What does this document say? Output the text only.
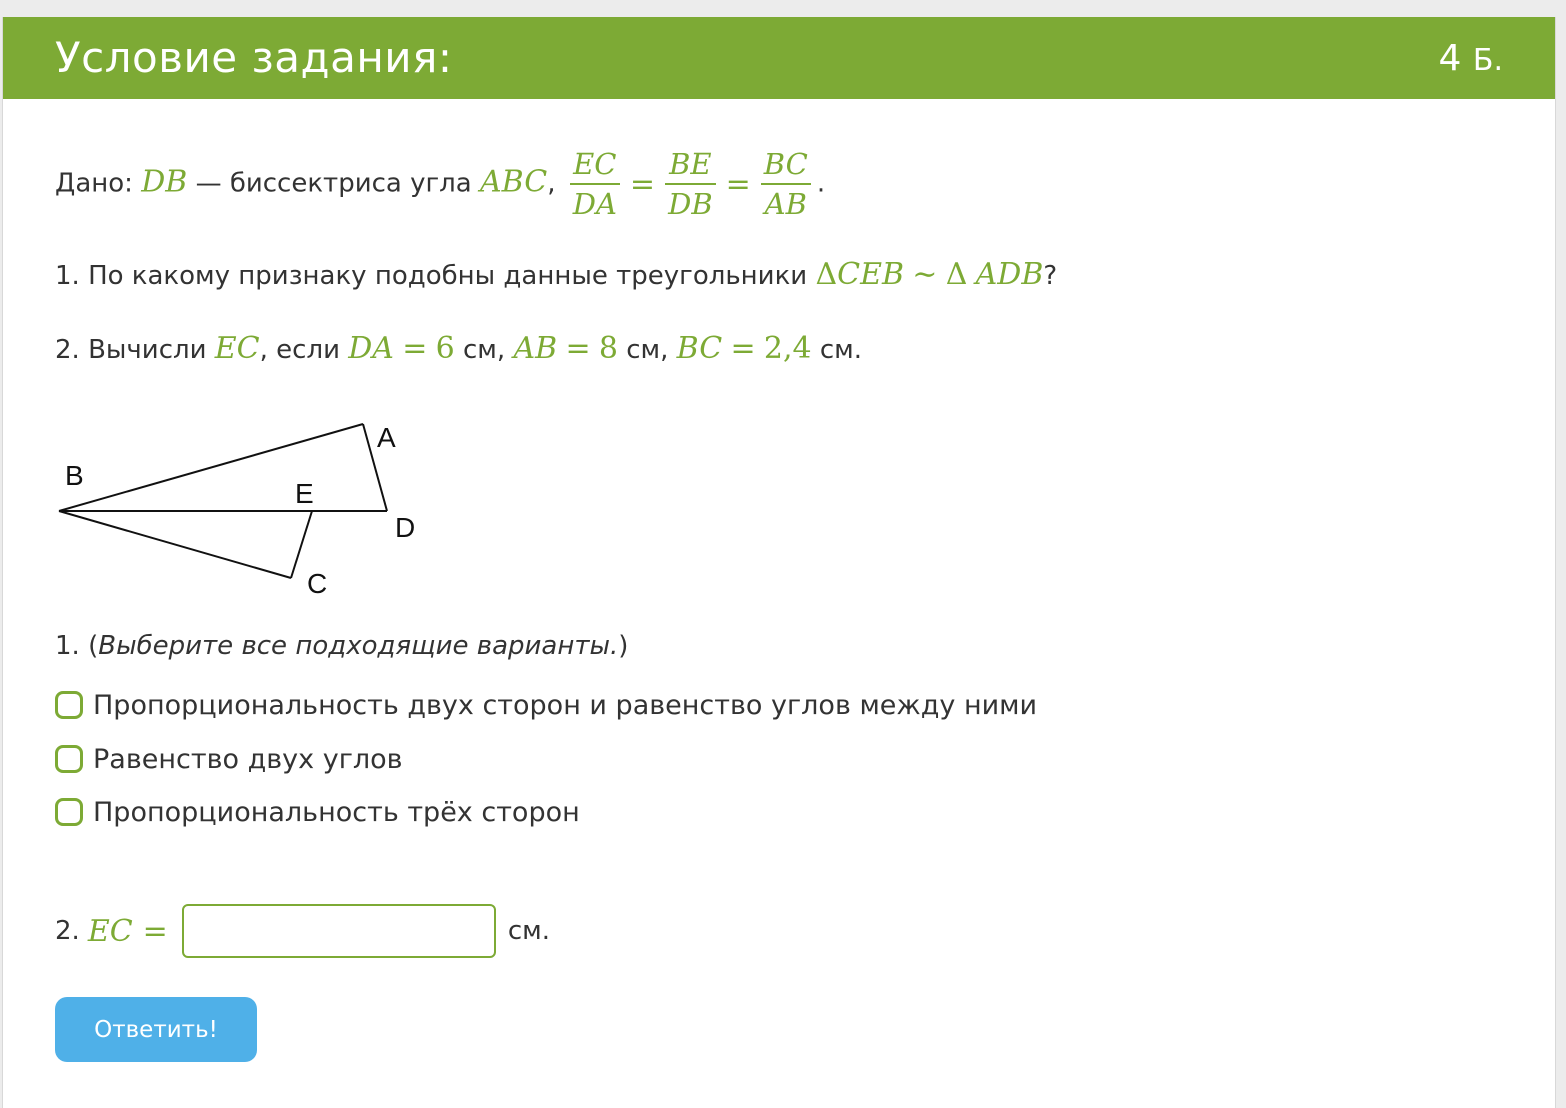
Условие задания:	4 Б.
Дано: DB — биссектриса угла ABC, $\frac{EC}{DA} = \frac{BE}{DB} = \frac{BC}{AB}$ .
1. По какому признаку подобны данные треугольники ΔCEB ∼ Δ ADB?
2. Вычисли EC, если DA = 6 см, AB = 8 см, BC = 2,4 см.
A
B
C
D
E
1. (Выберите все подходящие варианты.)
Пропорциональность двух сторон и равенство углов между ними
Равенство двух углов
Пропорциональность трёх сторон
2. EC =	см.
Ответить!
